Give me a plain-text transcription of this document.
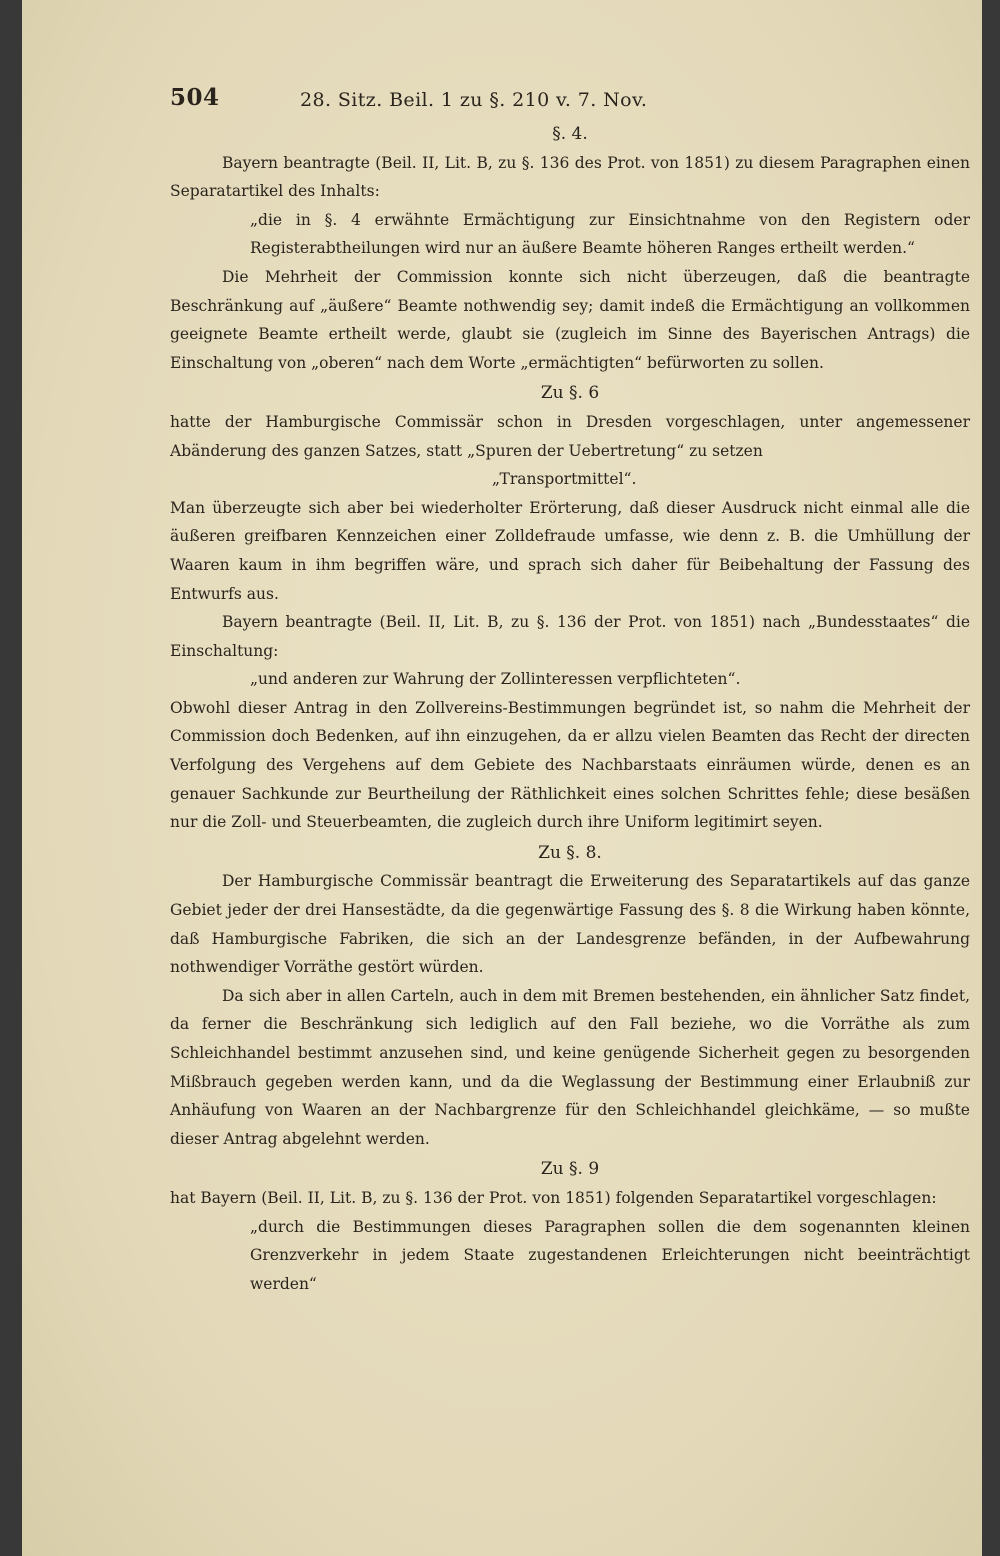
504	28. Sitz. Beil. 1 zu §. 210 v. 7. Nov.
§. 4.

Bayern beantragte (Beil. II, Lit. B, zu §. 136 des Prot. von 1851) zu diesem Paragraphen einen Separatartikel des Inhalts:

„die in §. 4 erwähnte Ermächtigung zur Einsichtnahme von den Registern oder Registerabtheilungen wird nur an äußere Beamte höheren Ranges ertheilt werden.“

Die Mehrheit der Commission konnte sich nicht überzeugen, daß die beantragte Beschränkung auf „äußere“ Beamte nothwendig sey; damit indeß die Ermächtigung an vollkommen geeignete Beamte ertheilt werde, glaubt sie (zugleich im Sinne des Bayerischen Antrags) die Einschaltung von „oberen“ nach dem Worte „ermächtigten“ befürworten zu sollen.

Zu §. 6

hatte der Hamburgische Commissär schon in Dresden vorgeschlagen, unter angemessener Abänderung des ganzen Satzes, statt „Spuren der Uebertretung“ zu setzen

„Transportmittel“.

Man überzeugte sich aber bei wiederholter Erörterung, daß dieser Ausdruck nicht einmal alle die äußeren greifbaren Kennzeichen einer Zolldefraude umfasse, wie denn z. B. die Umhüllung der Waaren kaum in ihm begriffen wäre, und sprach sich daher für Beibehaltung der Fassung des Entwurfs aus.

Bayern beantragte (Beil. II, Lit. B, zu §. 136 der Prot. von 1851) nach „Bundesstaates“ die Einschaltung:

„und anderen zur Wahrung der Zollinteressen verpflichteten“.

Obwohl dieser Antrag in den Zollvereins-Bestimmungen begründet ist, so nahm die Mehrheit der Commission doch Bedenken, auf ihn einzugehen, da er allzu vielen Beamten das Recht der directen Verfolgung des Vergehens auf dem Gebiete des Nachbarstaats einräumen würde, denen es an genauer Sachkunde zur Beurtheilung der Räthlichkeit eines solchen Schrittes fehle; diese besäßen nur die Zoll- und Steuerbeamten, die zugleich durch ihre Uniform legitimirt seyen.

Zu §. 8.

Der Hamburgische Commissär beantragt die Erweiterung des Separatartikels auf das ganze Gebiet jeder der drei Hansestädte, da die gegenwärtige Fassung des §. 8 die Wirkung haben könnte, daß Hamburgische Fabriken, die sich an der Landesgrenze befänden, in der Aufbewahrung nothwendiger Vorräthe gestört würden.

Da sich aber in allen Carteln, auch in dem mit Bremen bestehenden, ein ähnlicher Satz findet, da ferner die Beschränkung sich lediglich auf den Fall beziehe, wo die Vorräthe als zum Schleichhandel bestimmt anzusehen sind, und keine genügende Sicherheit gegen zu besorgenden Mißbrauch gegeben werden kann, und da die Weglassung der Bestimmung einer Erlaubniß zur Anhäufung von Waaren an der Nachbargrenze für den Schleichhandel gleichkäme, — so mußte dieser Antrag abgelehnt werden.

Zu §. 9

hat Bayern (Beil. II, Lit. B, zu §. 136 der Prot. von 1851) folgenden Separatartikel vorgeschlagen:

„durch die Bestimmungen dieses Paragraphen sollen die dem sogenannten kleinen Grenzverkehr in jedem Staate zugestandenen Erleichterungen nicht beeinträchtigt werden“
